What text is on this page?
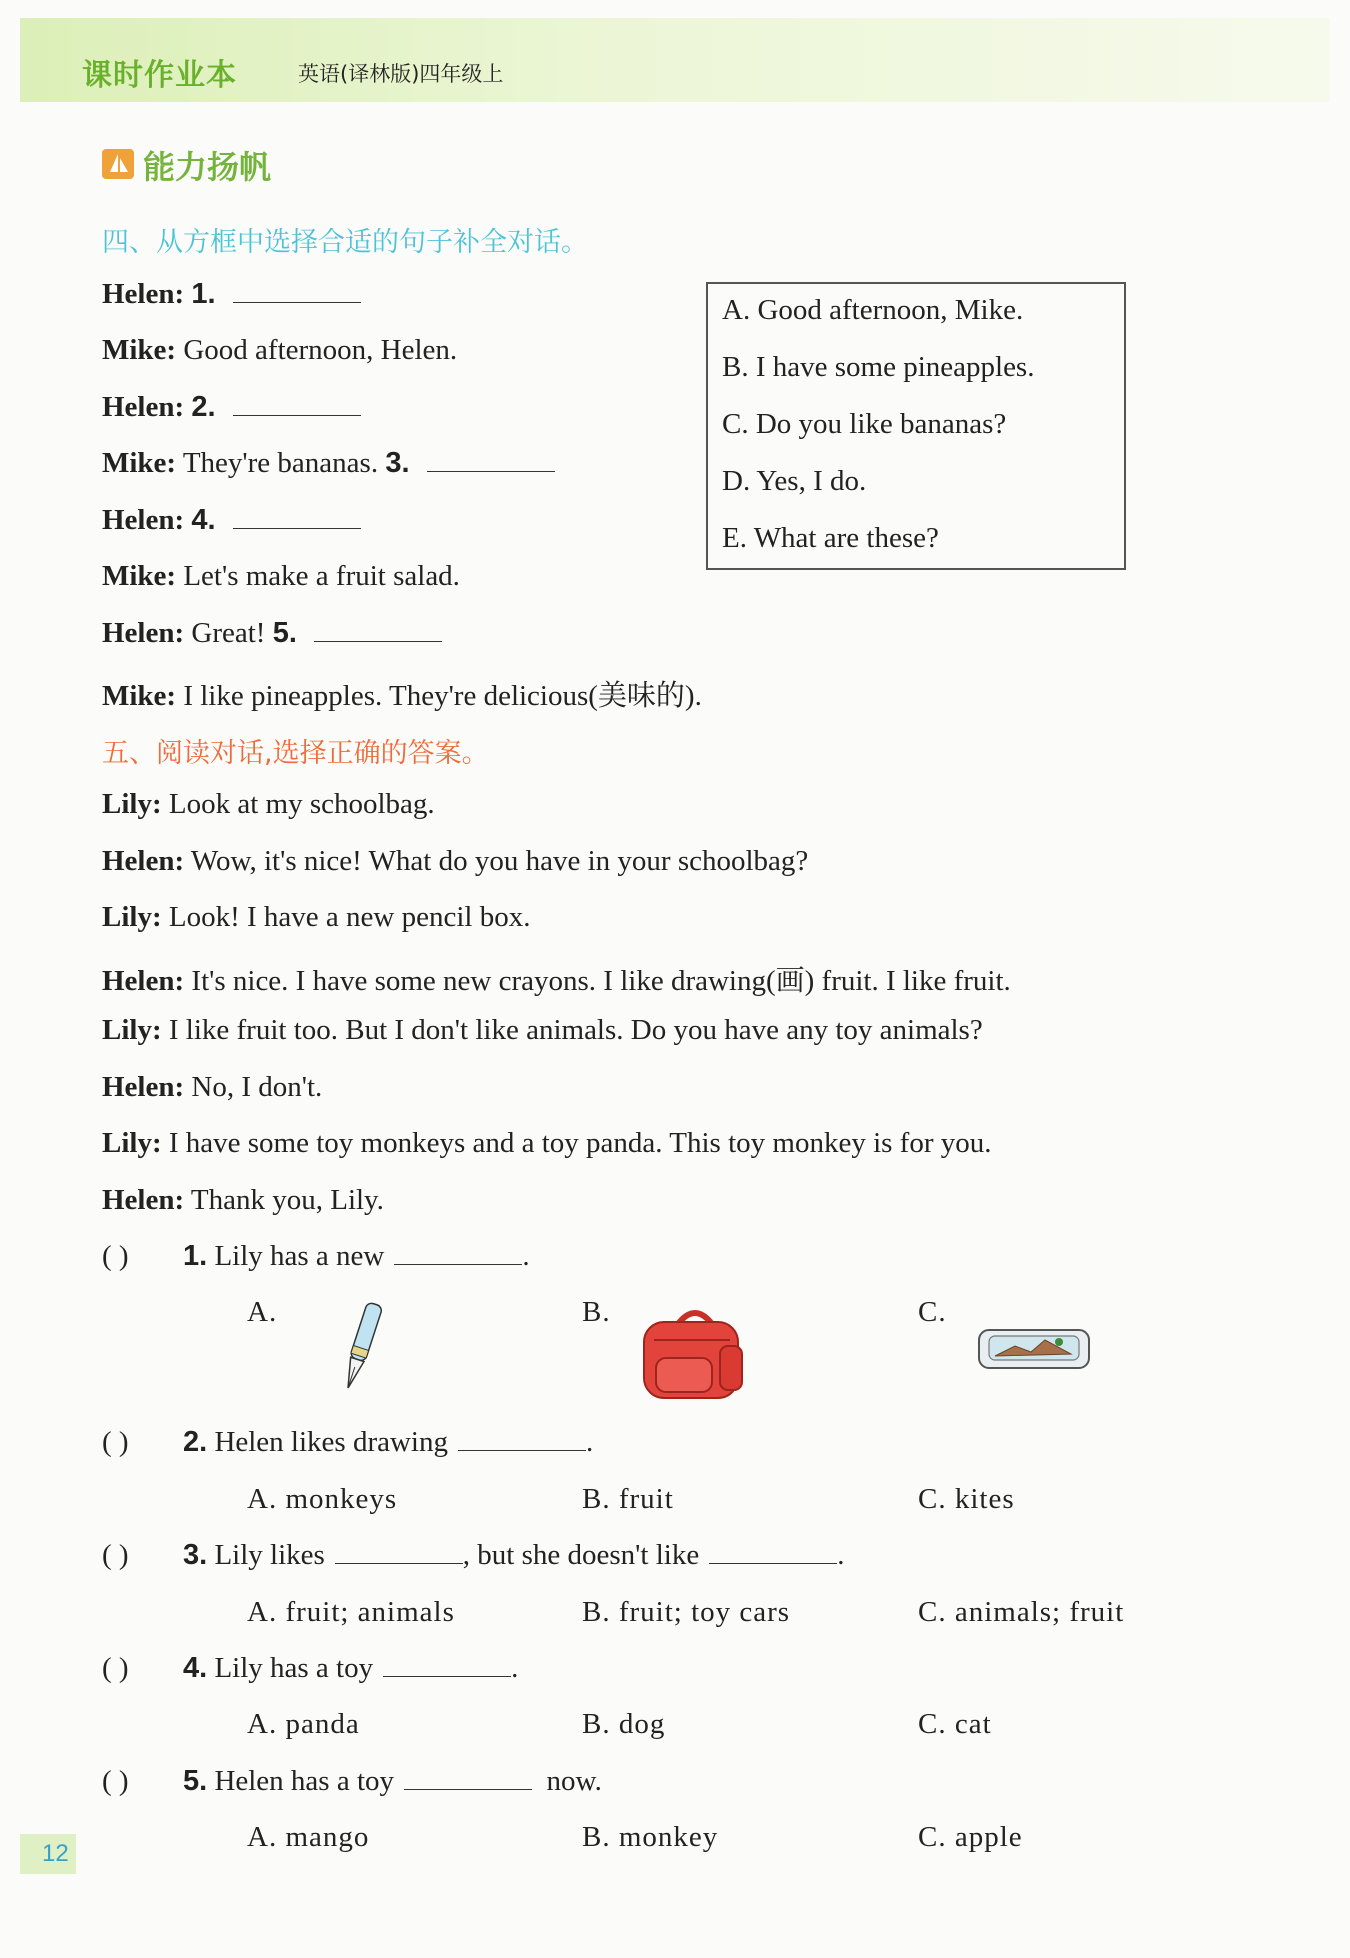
课时作业本	英语(译林版)四年级上
能力扬帆
四、从方框中选择合适的句子补全对话。
Helen: 1.
Mike: Good afternoon, Helen.
Helen: 2.
Mike: They're bananas. 3.
Helen: 4.
Mike: Let's make a fruit salad.
Helen: Great! 5.
Mike: I like pineapples. They're delicious(美味的).
A. Good afternoon, Mike.
B. I have some pineapples.
C. Do you like bananas?
D. Yes, I do.
E. What are these?
五、阅读对话,选择正确的答案。
Lily: Look at my schoolbag.
Helen: Wow, it's nice! What do you have in your schoolbag?
Lily: Look! I have a new pencil box.
Helen: It's nice. I have some new crayons. I like drawing(画) fruit. I like fruit.
Lily: I like fruit too. But I don't like animals. Do you have any toy animals?
Helen: No, I don't.
Lily: I have some toy monkeys and a toy panda. This toy monkey is for you.
Helen: Thank you, Lily.
( ) 1. Lily has a new	.
A.	B.	C.
( ) 2. Helen likes drawing	.
A. monkeys	B. fruit	C. kites
( ) 3. Lily likes	, but she doesn't like	.
A. fruit; animals	B. fruit; toy cars	C. animals; fruit
( ) 4. Lily has a toy	.
A. panda	B. dog	C. cat
( ) 5. Helen has a toy	now.
A. mango	B. monkey	C. apple
12
